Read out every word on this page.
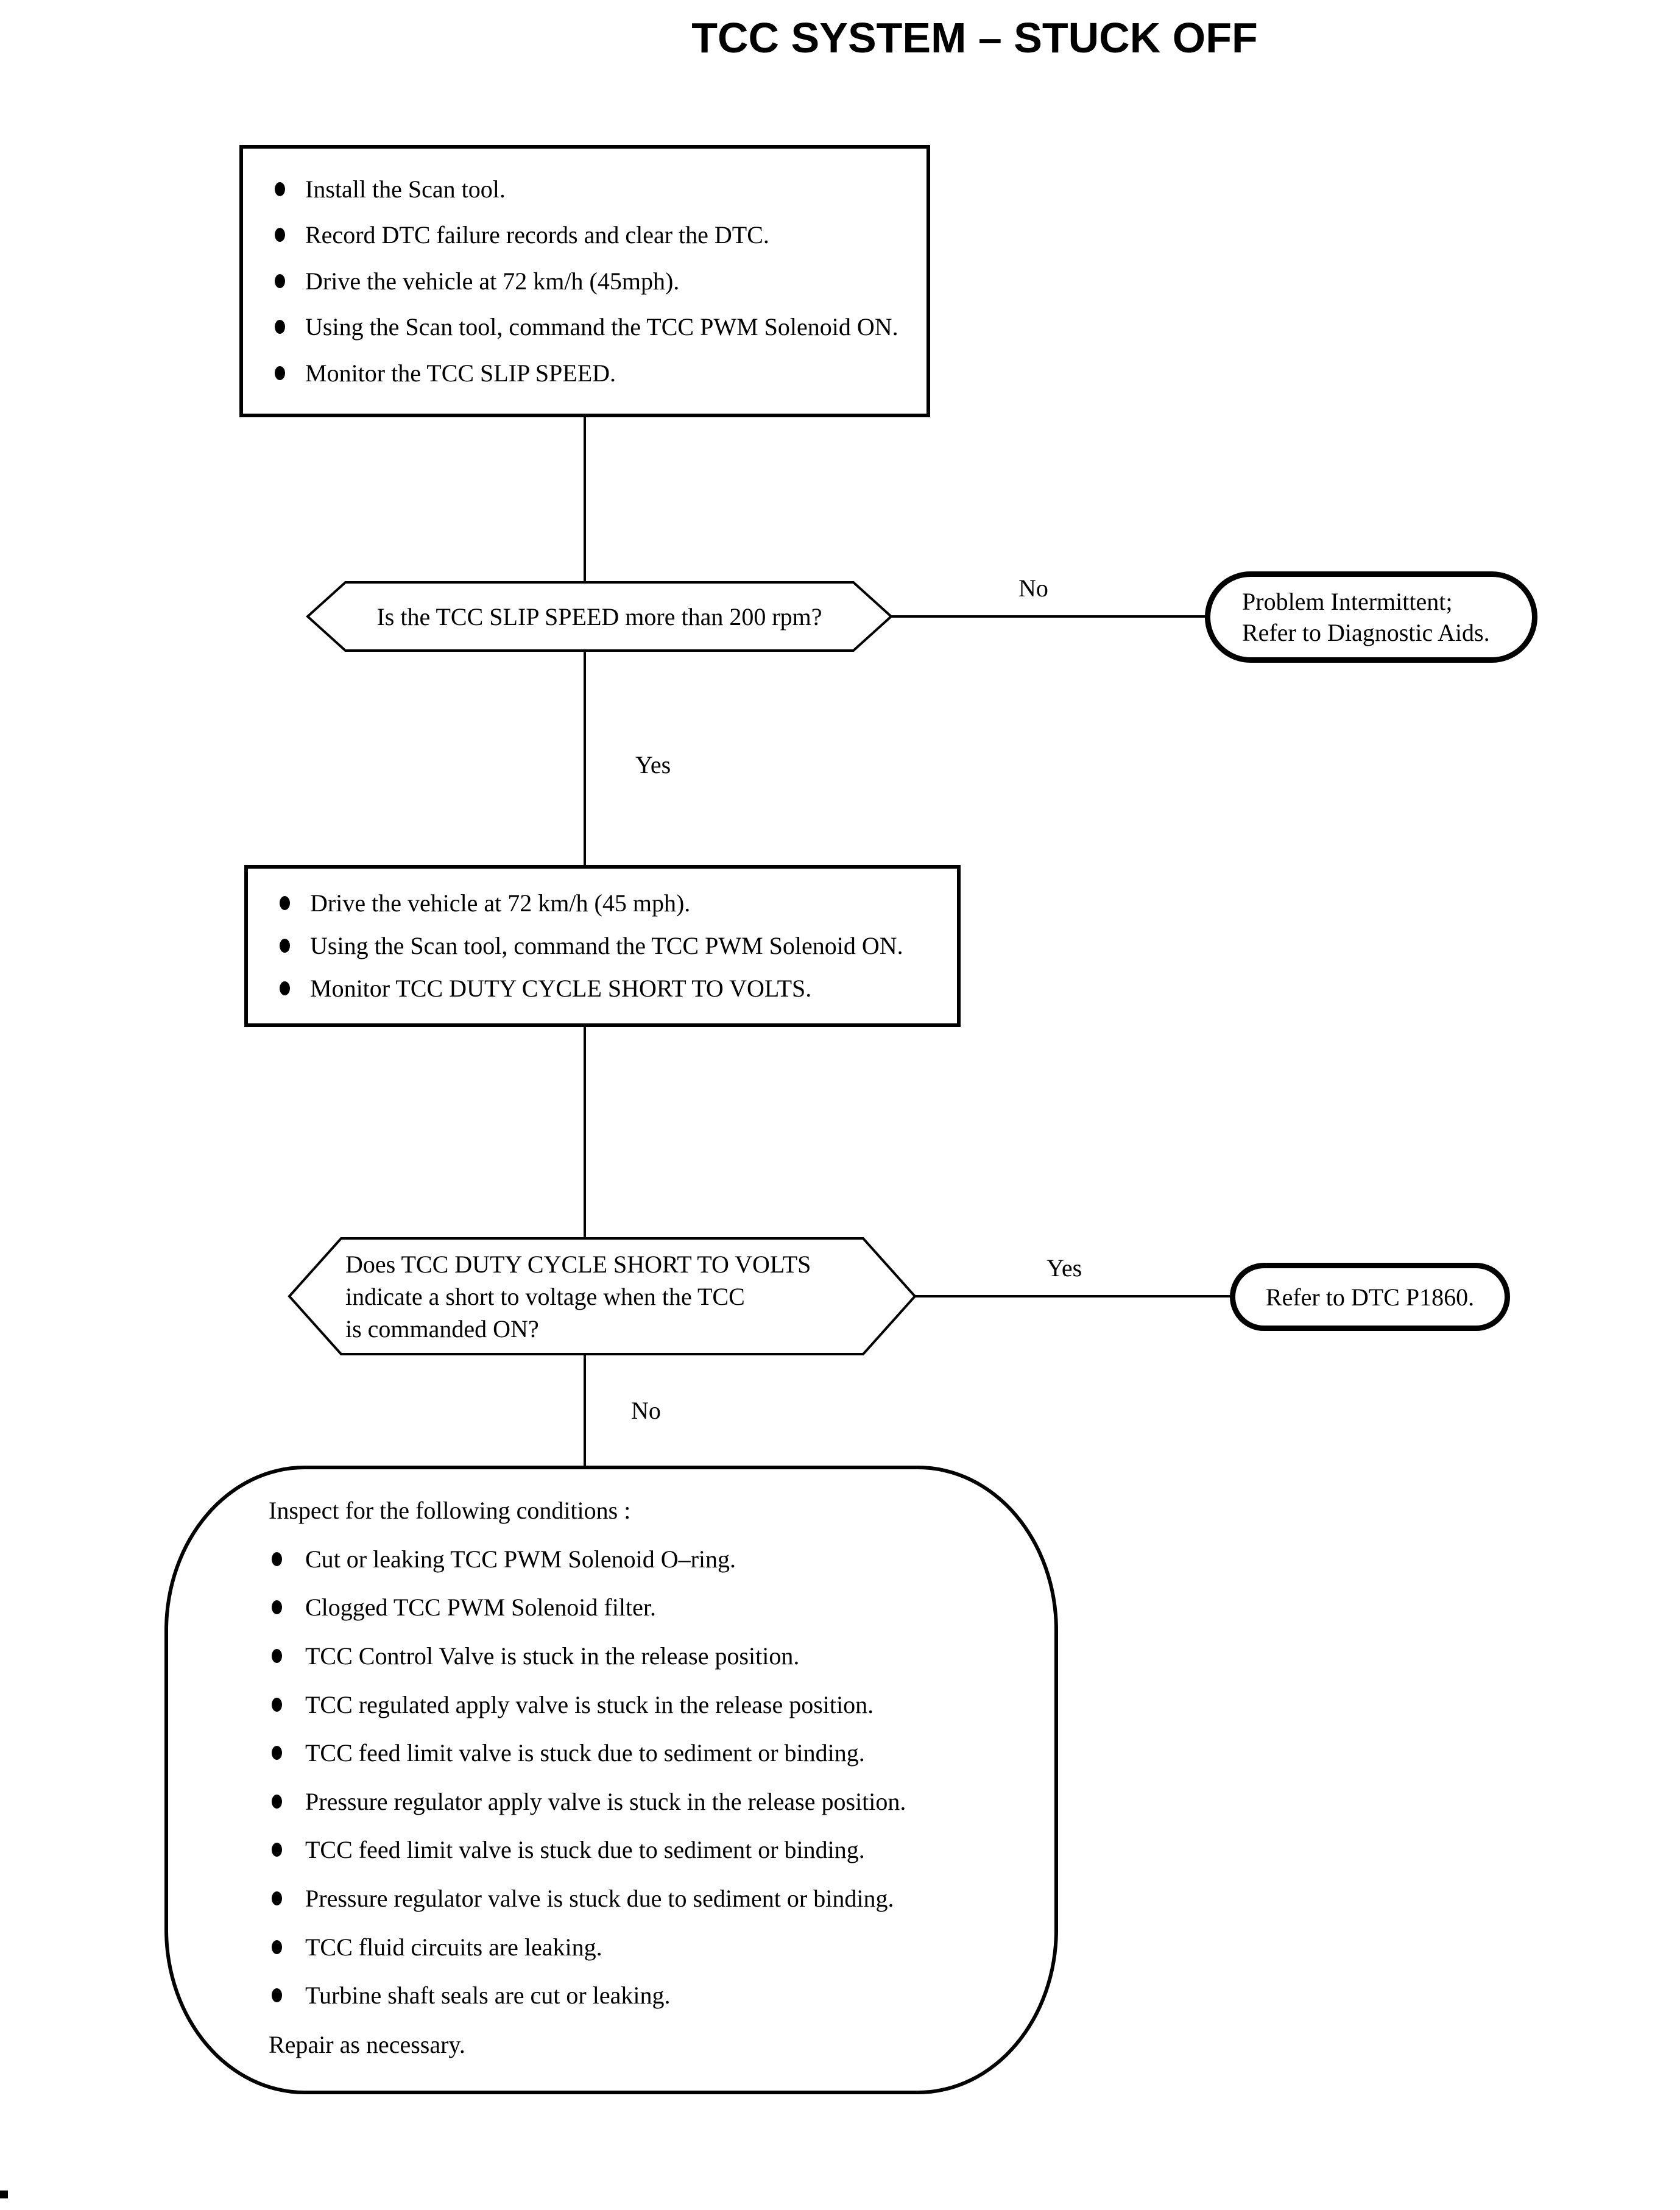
TCC SYSTEM – STUCK OFF
Install the Scan tool.
Record DTC failure records and clear the DTC.
Drive the vehicle at 72 km/h (45mph).
Using the Scan tool, command the TCC PWM Solenoid ON.
Monitor the TCC SLIP SPEED.
Is the TCC SLIP SPEED more than 200 rpm?
No
Yes
Problem Intermittent;
Refer to Diagnostic Aids.
Drive the vehicle at 72 km/h (45 mph).
Using the Scan tool, command the TCC PWM Solenoid ON.
Monitor TCC DUTY CYCLE SHORT TO VOLTS.
Does TCC DUTY CYCLE SHORT TO VOLTS
indicate a short to voltage when the TCC
is commanded ON?
Yes
No
Refer to DTC P1860.
Inspect for the following conditions :
Cut or leaking TCC PWM Solenoid O–ring.
Clogged TCC PWM Solenoid filter.
TCC Control Valve is stuck in the release position.
TCC regulated apply valve is stuck in the release position.
TCC feed limit valve is stuck due to sediment or binding.
Pressure regulator apply valve is stuck in the release position.
TCC feed limit valve is stuck due to sediment or binding.
Pressure regulator valve is stuck due to sediment or binding.
TCC fluid circuits are leaking.
Turbine shaft seals are cut or leaking.
Repair as necessary.
